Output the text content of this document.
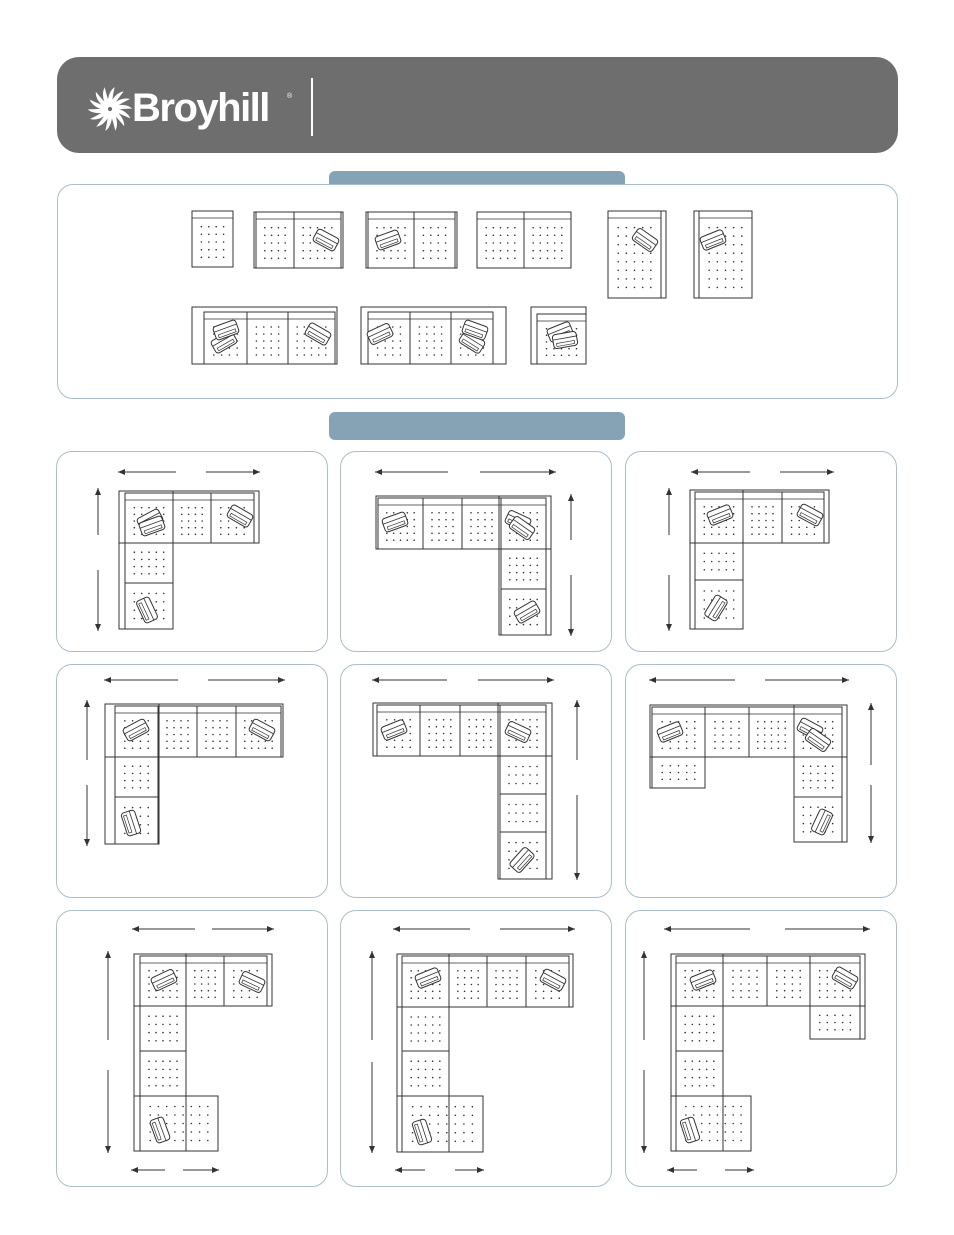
Broyhill	®
